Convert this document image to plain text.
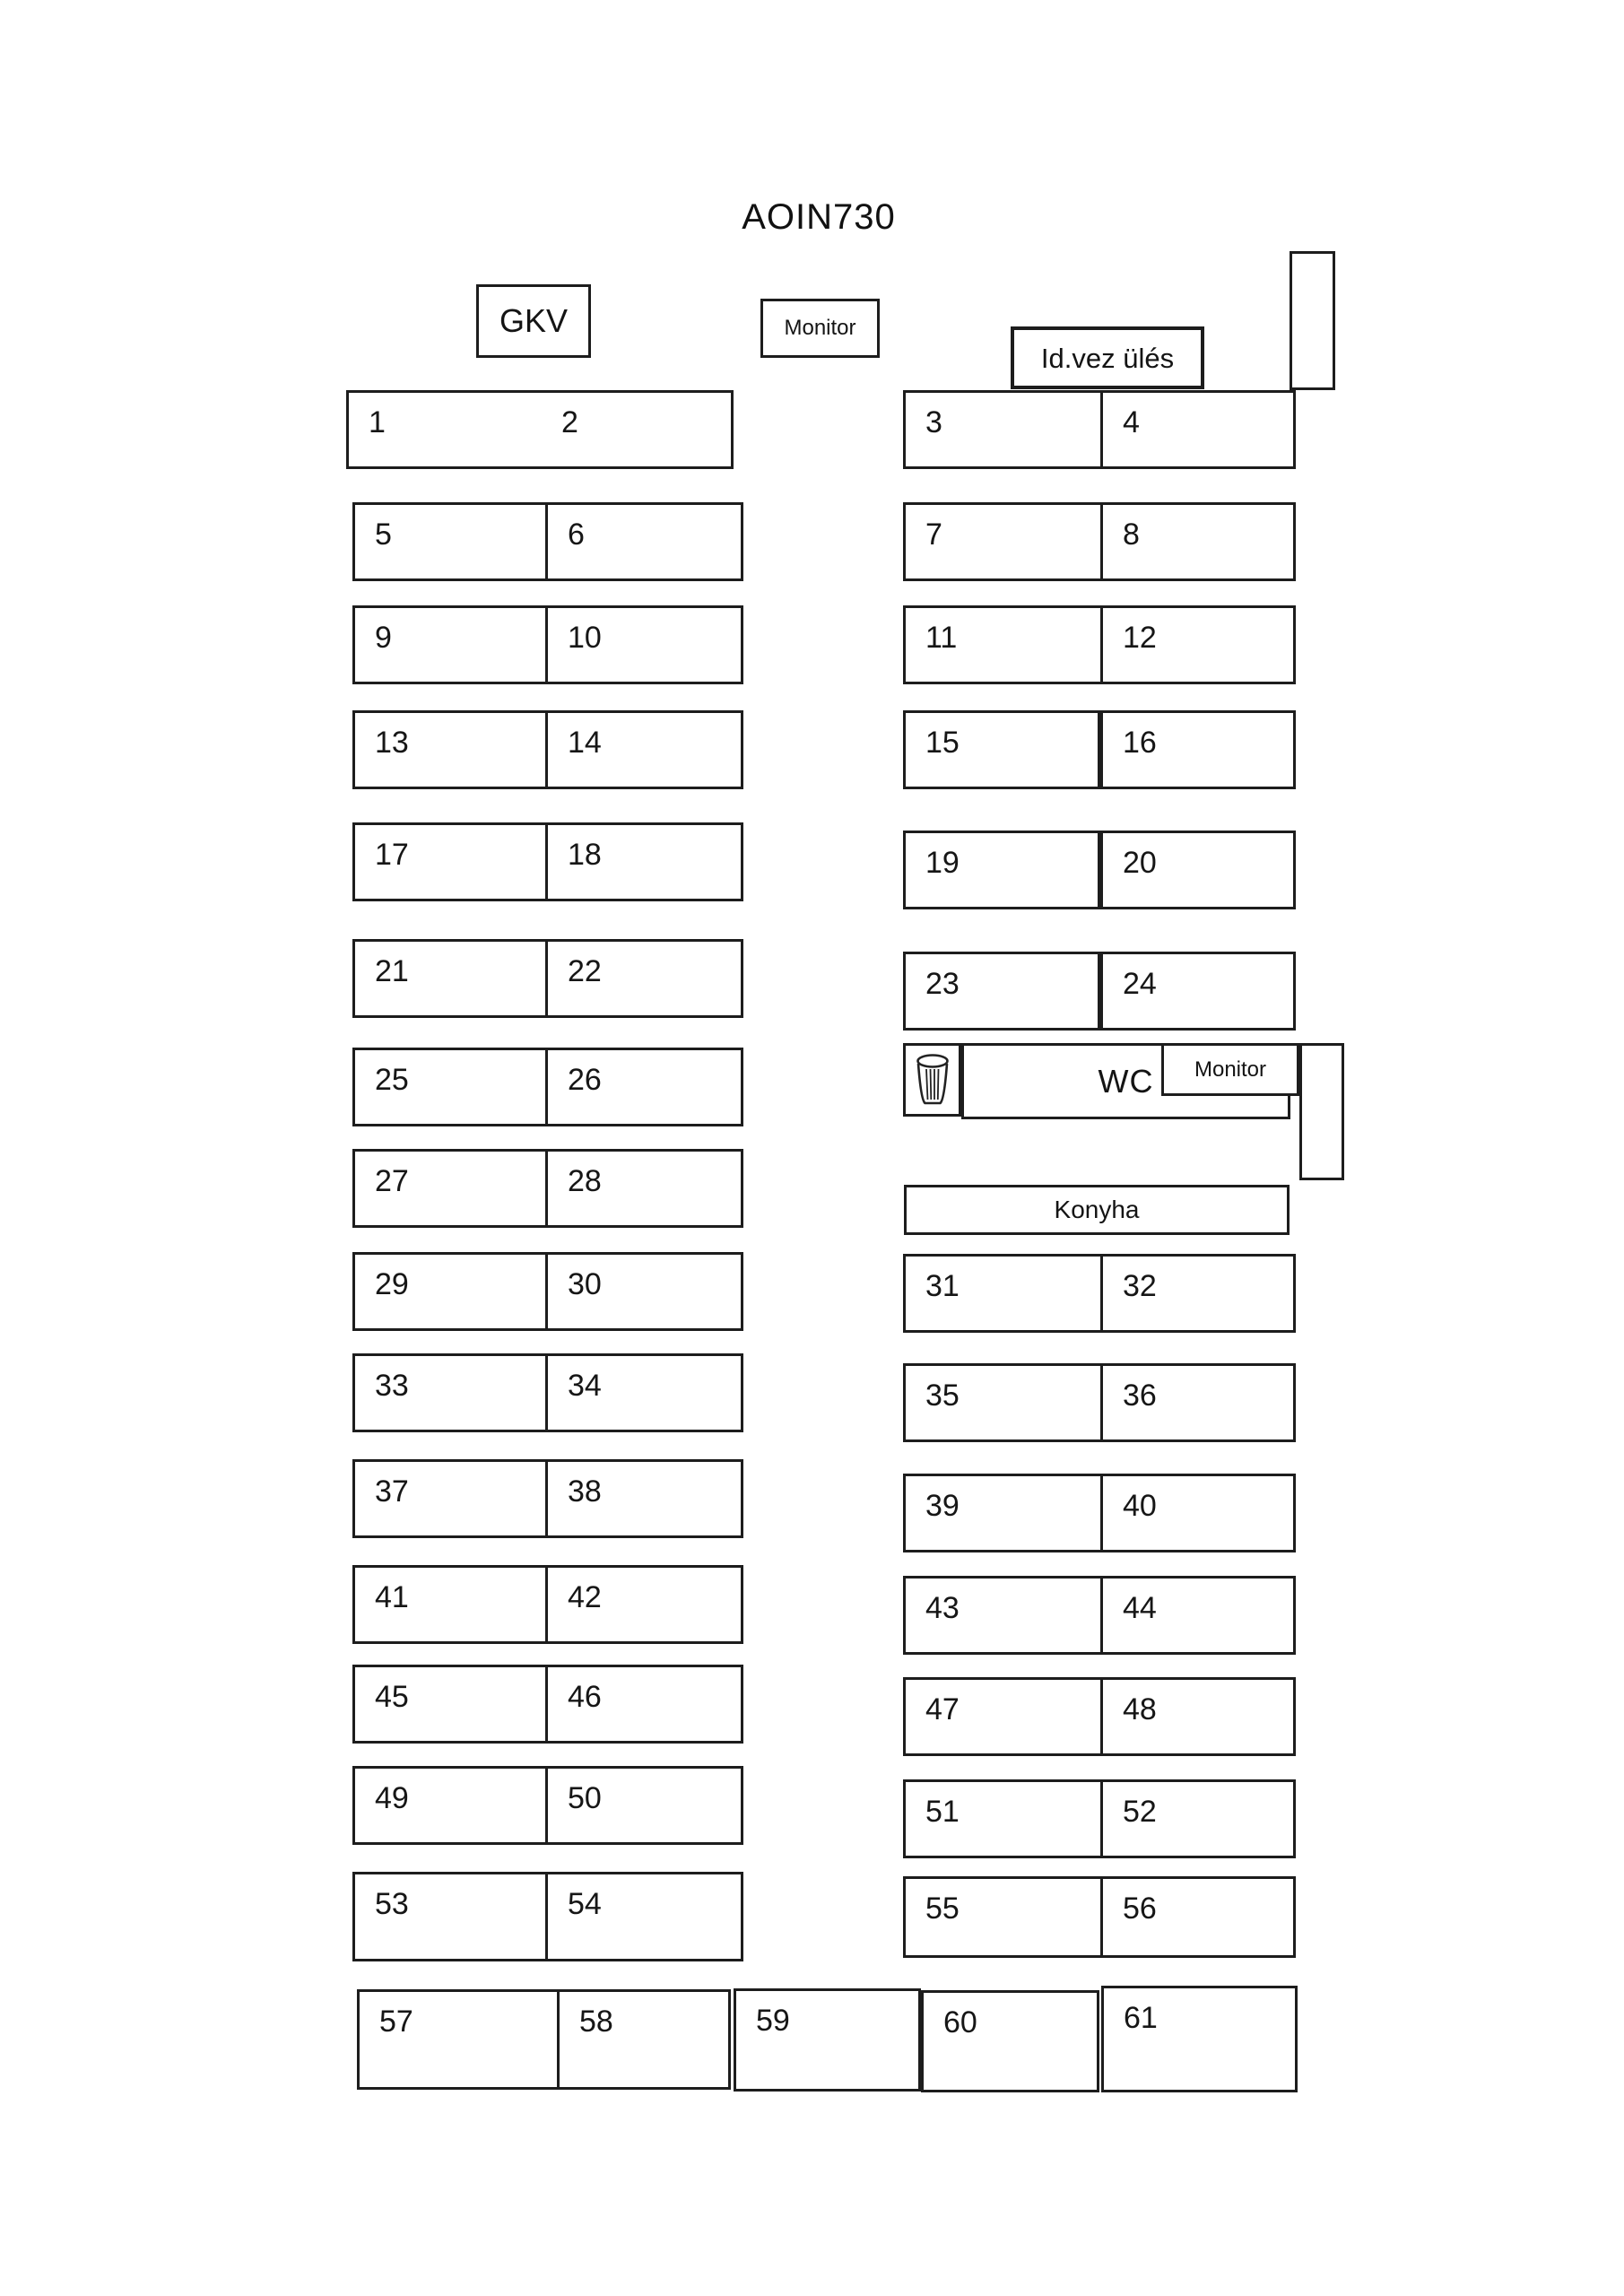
AOIN730
GKV	Monitor
Id.vez ülés
1	2
5	6
9	10
13	14
17	18
21	22
25	26
27	28
29	30
33	34
37	38
41	42
45	46
49	50
53	54
3	4
7	8
11	12
15	16
19	20
23	24
WC Monitor
Konyha
31	32
35	36
39	40
43	44
47	48
51	52
55	56
57	58	59	60	61
